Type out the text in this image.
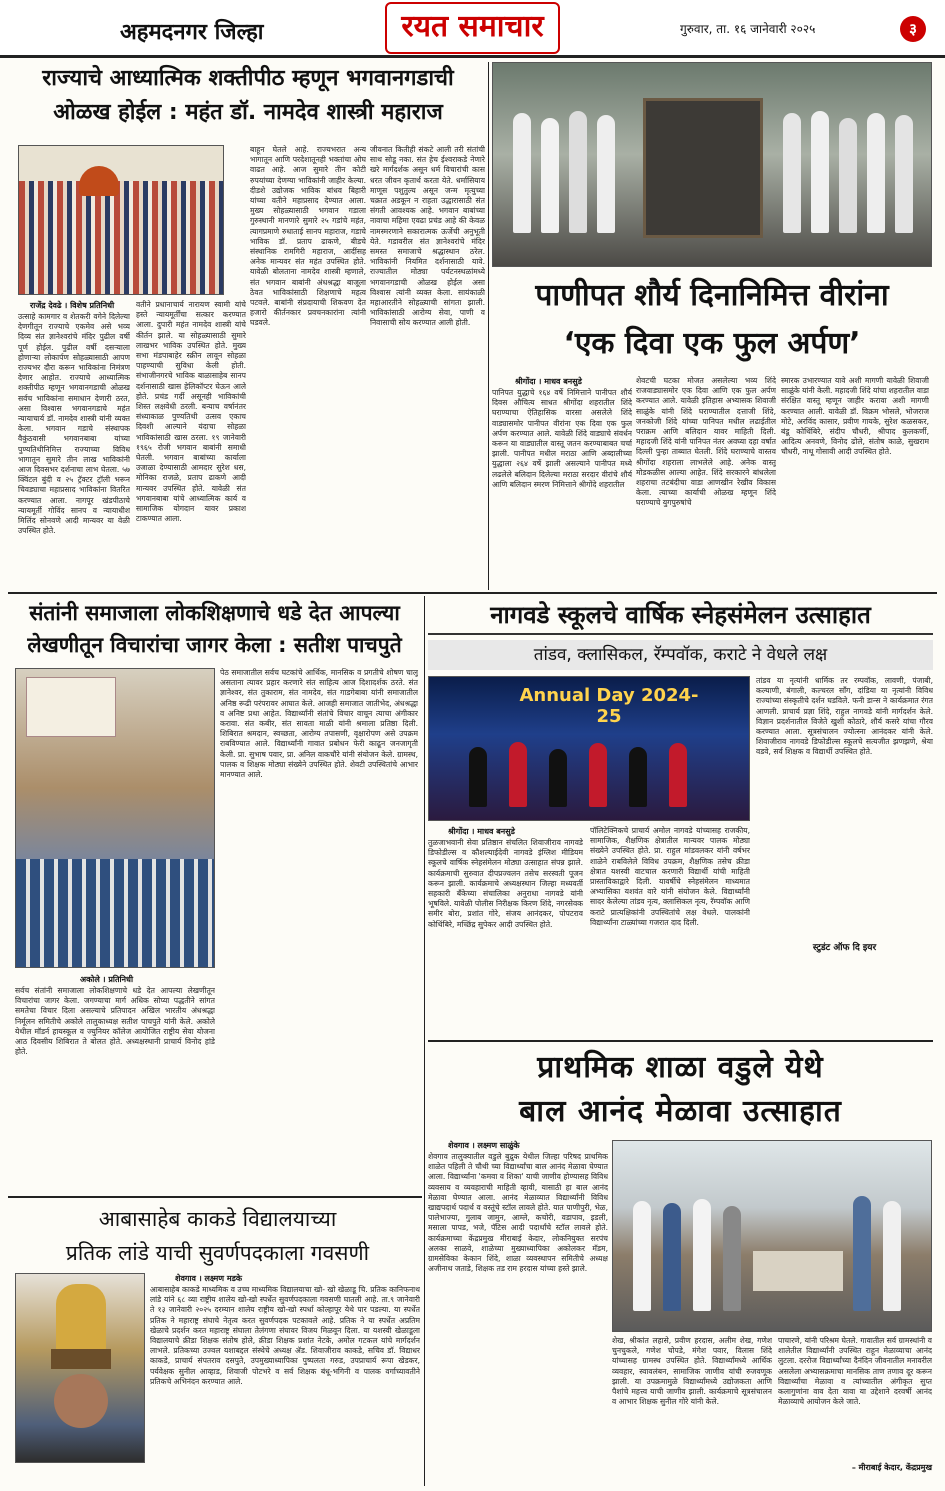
अहमदनगर जिल्हा	रयत समाचार	गुरुवार, ता. १६ जानेवारी २०२५	३
राज्याचे आध्यात्मिक शक्तीपीठ म्हणून भगवानगडाची
ओळख होईल : महंत डॉ. नामदेव शास्त्री महाराज
राजेंद्र देवढे । विशेष प्रतिनिधी
उत्साहे कामगार व शेतकरी वगेने दिलेल्या देणगीतून राज्याचे एकमेव असे भव्य दिव्य संत ज्ञानेश्वरांचे मंदिर पुढील वर्षी पूर्ण होईल. पुढील वर्षी दसऱ्याला होणाऱ्या लोकार्पण सोहळ्यासाठी आपण राज्यभर दौरा करून भाविकांना निमंत्रण देणार आहोत. राज्याचे आध्यात्मिक शक्तीपीठ म्हणून भगवानगडाची ओळख सर्वच भाविकांना समाधान देणारी ठरत, असा विश्वास भगवानगडाचे महंत न्यायाचार्य डॉ. नामदेव शास्त्री यांनी व्यक्त केला. भगवान गडाचे संस्थापक वैकुंठवासी भगवानबाबा यांच्या पुण्यतिथीनिमित्त राज्याच्या विविध भागातून सुमारे तीन लाख भाविकांनी आज दिवसभर दर्शनाचा लाभ घेतला. ५७ क्विंटल बुंदी व २५ ट्रॅक्टर ट्रॉली भरून चिवड्याचा महाप्रसाद भाविकांना वितरित करण्यात आला. नागपूर खंडपीठाचे न्यायमूर्ती गोविंद सानप व न्यायाधीश मिलिंद सोनवणे आदी मान्यवर या वेळी उपस्थित होते.
वतीने प्रधानाचार्य नारायण स्वामी यांचे हस्ते न्यायमूर्तींचा सत्कार करण्यात आला. दुपारी महंत नामदेव शास्त्री यांचे कीर्तन झाले. या सोहळ्यासाठी सुमारे लाखभर भाविक उपस्थित होते. मुख्य सभा मंडपाबाहेर स्क्रीन लावून सोहळा पाहण्याची सुविधा केली होती. संभाजीनगरचे भाविक बाळासाहेब सानप दर्शनासाठी खास हेलिकॉप्टर घेऊन आले होते. प्रचंड गर्दी असूनही भाविकांची शिस्त लक्षवेधी ठरली. बन्याच वर्षानंतर संध्याकाळ पुण्यतिथी उत्सव एकाच दिवशी आल्याने यंदाचा सोहळा भाविकांसाठी खास ठरला. १९ जानेवारी १९६५ रोजी भगवान बाबांनी समाधी घेतली. भगवान बाबांच्या कार्याला उजाळा देण्यासाठी आमदार सुरेश धस, मोनिका राजळे, प्रताप ढाकणे आदी मान्यवर उपस्थित होते. यावेळी संत भगवानबाबा यांचे आध्यात्मिक कार्य व सामाजिक योगदान यावर प्रकाश टाकण्यात आला.
बाहून घेतले आहे. राज्यभरात अन्य भागातून आणि परदेशातूनही भक्तांचा ओघ वाढत आहे. आज सुमारे तीन कोटी रुपयांच्या देणग्या भाविकांनी जाहीर केल्या. दीडशे उद्योजक भाविक बांधव बिहारी यांच्या वतीने महाप्रसाद देण्यात आला. मुख्य सोहळ्यासाठी भगवान गडाला गुरुस्थानी मानणारे सुमारे २५ गडांचे महंत, त्यागप्रमाणे रुधाताई सानप महाराज, गडाचे भाविक डॉ. प्रताप ढाकणे, बीडचे संस्थानिक रामगिरी महाराज, आदींसह अनेक मान्यवर संत महंत उपस्थित होते. यावेळी बोलताना नामदेव शास्त्री म्हणाले, संत भगवान बाबांनी अंधश्रद्धा बाजूला ठेवत भाविकांसाठी शिक्षणाचे महत्व पटवले. बाबांनी संप्रदायाची शिकवण देत हजारो कीर्तनकार प्रवचनकारांना त्यांनी घडवले.
जीवनात कितीही संकटे आली तरी संतांची साथ सोडू नका. संत हेच ईश्वराकडे नेणारे खरे मार्गदर्शक असून धर्म विचारांची कास धरत जीवन कृतार्थ करता येते. धर्मासियाय माणूस पशुतुल्य असून जन्म मृत्युच्या चक्रात अडकून न राहता उद्धारासाठी संत संगती आवश्यक आहे. भगवान बाबांच्या नावाचा महिमा एवढा प्रचंड आहे की केवळ नामस्मरणाने सकारात्मक ऊर्जेची अनुभूती येते. गडावरील संत ज्ञानेश्वरांचे मंदिर समस्त समाजाचे श्रद्धास्थान ठरेल. भाविकांनी नियमित दर्शनासाठी यावे. राज्यातील मोठ्या पर्यटनस्थळांमध्ये भगवानगडाची ओळख होईल असा विश्वास त्यांनी व्यक्त केला. सायंकाळी महाआरतीने सोहळ्याची सांगता झाली. भाविकांसाठी आरोग्य सेवा, पाणी व निवासाची सोय करण्यात आली होती.
पाणीपत शौर्य दिनानिमित्त वीरांना
‘एक दिवा एक फुल अर्पण’
श्रीगोंदा । माधव बनसुडे
पानिपत युद्धाचे १६४ वर्षे निमित्ताने पानीपत शौर्य दिवस औचित्य साधत श्रीगोंदा शहरातील शिंदे घराण्याचा ऐतिहासिक वारसा असलेले शिंदे वाड्यासमोर पानीपत वीरांना एक दिवा एक फुल अर्पण करण्यात आले. यावेळी शिंदे वाड्याचे संवर्धन करून या वाड्यातील वास्तू जतन करण्याबाबत चर्चा झाली. पानीपत मधील मराठा आणि अब्दालीच्या युद्धाला २६४ वर्षे झाली असल्याने पानीपत मध्ये लढलेले बलिदान दिलेल्या मराठा सरदार वीरांचे शौर्य आणि बलिदान स्मरण निमित्ताने श्रीगोंदे शहरातील
शेवटची घटका मोजत असलेल्या भव्य शिंदे राजवाड्यासमोर एक दिवा आणि एक फुल अर्पण करण्यात आले. यावेळी इतिहास अभ्यासक शिवाजी साळुंके यांनी शिंदे घराण्यातील दत्ताजी शिंदे, जनकोजी शिंदे यांच्या पानिपत मधील लढाईतील पराक्रम आणि बलिदान यावर माहिती दिली. महादजी शिंदे यांनी पानिपत नंतर अवघ्या दहा वर्षात दिल्ली पुन्हा ताब्यात घेतली. शिंदे घराण्याचे वास्तव श्रीगोंदा शहराला लाभलेले आहे. अनेक वास्तू मोडकळीस आल्या आहेत. शिंदे सरकारने बांधलेला शहराचा तटबंदीचा वाडा आणखीन रेखीव विकास केला. त्याच्या कार्याची ओळख म्हणून शिंदे घराण्याचे युगपुरुषांचे
स्मारक उभारण्यात यावे अशी मागणी यावेळी शिवाजी साळुंके यांनी केली. महादजी शिंदे यांचा शहरातील वाडा संरक्षित वास्तू म्हणून जाहीर करावा अशी मागणी करण्यात आली. यावेळी डॉ. विक्रम भोसले, भोजराज मोटे, अरविंद कासार, प्रवीण गायके, सुरेश कळसकर, बंडू कोथिंबिरे, संदीप चौधरी, श्रीपाद कुलकर्णी, आदित्य अनवणे, विनोद ढोले, संतोष काळे, सुखराम चौधरी, नाथू गोसावी आदी उपस्थित होते.
संतांनी समाजाला लोकशिक्षणाचे धडे देत आपल्या
लेखणीतून विचारांचा जागर केला : सतीश पाचपुते
अकोले । प्रतिनिधी
सर्वच संतांनी समाजाला लोकशिक्षणाचे धडे देत आपल्या लेखणीतून विचारांचा जागर केला. जगण्याचा मार्ग अधिक सोप्या पद्धतीने सांगत समतेचा विचार दिला असल्याचे प्रतिपादन अखिल भारतीय अंधश्रद्धा निर्मूलन समितीचे अकोले तालुकाध्यक्ष सतीश पाचपुते यांनी केले. अकोले येथील मॉडर्न हायस्कूल व ज्युनियर कॉलेज आयोजित राष्ट्रीय सेवा योजना आठ दिवसीय शिबिरात ते बोलत होते. अध्यक्षस्थानी प्राचार्य विनोद हांडे होते.
पेठ समाजातील सर्वच घटकांचे आर्थिक, मानसिक व प्रगतीचे शोषण चालू असताना त्यावर प्रहार करणारे संत साहित्य आज दिशादर्शक ठरते. संत ज्ञानेश्वर, संत तुकाराम, संत नामदेव, संत गाडगेबाबा यांनी समाजातील अनिष्ठ रूढी परंपरावर आघात केले. आजही समाजात जातीभेद, अंधश्रद्धा व अनिष्ट प्रथा आहेत. विद्यार्थ्यांनी संतांचे विचार वाचून त्याचा अंगीकार करावा. संत कबीर, संत सावता माळी यांनी श्रमाला प्रतिष्ठा दिली. शिबिरात श्रमदान, स्वच्छता, आरोग्य तपासणी, वृक्षारोपण असे उपक्रम राबविण्यात आले. विद्यार्थ्यांनी गावात प्रबोधन फेरी काढून जनजागृती केली. प्रा. सुभाष पवार, प्रा. अनिल वाकचौरे यांनी संयोजन केले. ग्रामस्थ, पालक व शिक्षक मोठ्या संख्येने उपस्थित होते. शेवटी उपस्थितांचे आभार मानण्यात आले.
नागवडे स्कूलचे वार्षिक स्नेहसंमेलन उत्साहात
तांडव, क्लासिकल, रॅम्पवॉक, कराटे ने वेधले लक्ष
Annual Day 2024-25
श्रीगोंदा । माधव बनसुडे
तुळजाभवानी सेवा प्रतिष्ठान संचलित शिवाजीराव नागवडे डिफोडील्स व कौशल्याईदेवी नागवडे इंग्लिश मीडियम स्कूलचे वार्षिक स्नेहसंमेलन मोठ्या उत्साहात संपन्न झाले. कार्यक्रमाची सुरुवात दीपप्रज्वलन तसेच सरस्वती पूजन करून झाली. कार्यक्रमाचे अध्यक्षस्थान जिल्हा मध्यवर्ती सहकारी बँकेच्या संचालिका अनुराधा नागवडे यांनी भूषविले. यावेळी पोलीस निरीक्षक किरण शिंदे, नगरसेवक समीर बोरा, प्रशांत गोरे, संजय आनंदकर, पोपटराव कोथिंबिरे, मच्छिंद्र सुपेकर आदी उपस्थित होते.
पॉलिटेक्निकचे प्राचार्य अमोल नागवडे यांच्यासह राजकीय, सामाजिक, शैक्षणिक क्षेत्रातील मान्यवर पालक मोठ्या संख्येने उपस्थित होते. प्रा. राहुल मांडवलकर यांनी वर्षभर शाळेने राबविलेले विविध उपक्रम, शैक्षणिक तसेच क्रीडा क्षेत्रात यशस्वी वाटचाल करणारी विद्यार्थी यांची माहिती प्रास्ताविकाद्वारे दिली. यावर्षीचे स्नेहसंमेलन माध्यमात अभ्यासिका यशवंत वारे यांनी संयोजन केले. विद्यार्थ्यांनी सादर केलेल्या तांडव नृत्य, क्लासिकल नृत्य, रॅम्पवॉक आणि कराटे प्रात्यक्षिकांनी उपस्थितांचे लक्ष वेधले. पालकांनी विद्यार्थ्यांना टाळ्यांच्या गजरात दाद दिली.
तांडव या नृत्यांनी धार्मिक तर रम्पवॉक, लावणी, पंजाबी, कल्याणी, बंगाली, कल्चरल सॉंग, दांडिया या नृत्यांनी विविध राज्यांच्या संस्कृतीचे दर्शन घडविले. फनी डान्स ने कार्यक्रमात रंगत आणली. प्राचार्य प्रज्ञा शिंदे, राहुल नागवडे यांनी मार्गदर्शन केले. विज्ञान प्रदर्शनातील विजेते खुशी कोठारे, शौर्य कसरे यांचा गौरव करण्यात आला. सूत्रसंचालन ज्योत्स्ना आनंदकर यांनी केले. शिवाजीराव नागवडे डिफोडील्स स्कूलचे सत्यजीत झणझणे, श्रेया वडवे, सर्व शिक्षक व विद्यार्थी उपस्थित होते.
स्टुडंट ऑफ दि इयर
प्राथमिक शाळा वडुले येथे
बाल आनंद मेळावा उत्साहात
शेवगाव । लक्ष्मण साळुंके
शेवगाव तालुक्यातील वडुले बुद्रुक येथील जिल्हा परिषद प्राथमिक शाळेत पहिली ते चौथी च्या विद्यार्थ्यांचा बाल आनंद मेळावा घेण्यात आला. विद्यार्थ्यांना 'कमवा व शिका' याची जाणीव होण्यासह विविध व्यवसाय व व्यवहाराची माहिती व्हावी, यासाठी हा बाल आनंद मेळावा घेण्यात आला. आनंद मेळाव्यात विद्यार्थ्यांनी विविध खाद्यपदार्थ पदार्थ व वस्तूंचे स्टॉल लावले होते. यात पाणीपुरी, भेळ, पालेभाज्या, गुलाब जामुन, आम्ले, कचोरी, वडापाव, इडली, मसाला पापड, भजे, पॅटिस आदी पदार्थांचे स्टॉल लावले होते. कार्यक्रमाच्या केंद्रप्रमुख मीराबाई केदार, लोकनियुक्त सरपंच अलका साळवे, शाळेच्या मुख्याध्यापिका अकोलकर मॅडम, ग्रामसेविका केकान शिंदे, शाळा व्यवस्थापन समितीचे अध्यक्ष अजीनाथ जताडे, शिक्षक तड राम हरदास यांच्या हस्ते झाले.
शेख, श्रीकांत लहासे, प्रवीण हरदास, अलीम शेख, गणेश चुनचुकले, गणेश चोपडे, मंगेश पवार, विलास शिंदे यांच्यासह ग्रामस्थ उपस्थित होते. विद्यार्थ्यांमध्ये आर्थिक व्यवहार, स्वावलंबन, सामाजिक जाणीव यांची रुजवणूक झाली. या उपक्रमामुळे विद्यार्थ्यांमध्ये उद्योजकता आणि पैशांचे महत्त्व याची जाणीव झाली. कार्यक्रमाचे सूत्रसंचालन व आभार शिक्षक सुनील गोरे यांनी केले.
पाचारणे, यांनी परिश्रम घेतले. गावातील सर्व ग्रामस्थांनी व शालेतील विद्यार्थ्यांनी उपस्थित राहून मेळाव्याचा आनंद लुटला. दररोज विद्यार्थ्यांच्या दैनंदिन जीवनातील मनावरील असलेला अभ्यासक्रमाचा मानसिक ताण तणाव दूर करून विद्यार्थ्यांचा मेळावा व त्यांच्यातील अंगीकृत सुप्त कलागुणांना वाव देता यावा या उद्देशाने दरवर्षी आनंद मेळाव्याचे आयोजन केले जाते.
– मीराबाई केदार, केंद्रप्रमुख
आबासाहेब काकडे विद्यालयाच्या
प्रतिक लांडे याची सुवर्णपदकाला गवसणी
शेवगाव । लक्ष्मण मडके
आबासाहेब काकडे माध्यमिक व उच्च माध्यमिक विद्यालयाचा खो- खो खेळाडू चि. प्रतिक कानिफनाथ लांडे यांने ६८ व्या राष्ट्रीय शालेय खो-खो स्पर्धेत सुवर्णपदकाला गवसणी घातली आहे. ता.९ जानेवारी ते १३ जानेवारी २०२५ दरम्यान शालेय राष्ट्रीय खो-खो स्पर्धा कोल्हापूर येथे पार पडल्या. या स्पर्धेत प्रतिक ने महाराष्ट्र संघाचे नेतृत्व करत सुवर्णपदक पटकावले आहे. प्रतिक ने या स्पर्धेत अप्रतिम खेळाचे प्रदर्शन करत महाराष्ट्र संघाला तेलंगणा संघावर विजय मिळवून दिला. या यशस्वी खेळाडूला विद्यालयाचे क्रीडा शिक्षक संतोष होले, क्रीडा शिक्षक प्रशांत नेटके, अमोल गटकल यांचे मार्गदर्शन लाभले. प्रतिकच्या उज्वल यशाबद्दल संस्थेचे अध्यक्ष ॲड. शिवाजीराव काकडे, सचिव डॉ. विद्याधर काकडे, प्राचार्य संपतराव दसपुते, उपमुख्याध्यापिका पुष्पलता गरुड, उपप्राचार्य रूपा खेडकर, पर्यवेक्षक सुनील आव्हाड, शिवाजी पोटभरे व सर्व शिक्षक बंधू-भगिनी व पालक वर्गाच्यावतीने प्रतिकचे अभिनंदन करण्यात आले.
